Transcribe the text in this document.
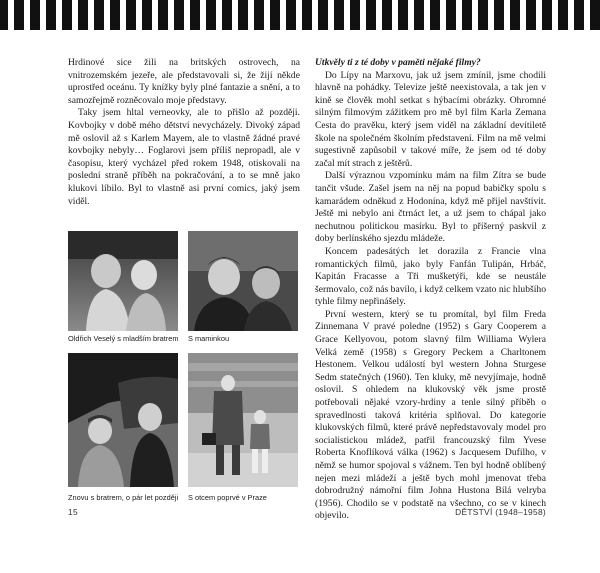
Hrdinové sice žili na britských ostrovech, na vnitrozemském jezeře, ale představovali si, že žijí někde uprostřed oceánu. Ty knížky byly plné fantazie a snění, a to samozřejmě rozněcovalo moje představy.

Taky jsem hltal verneovky, ale to přišlo až později. Kovbojky v době mého dětství nevycházely. Divoký západ mě oslovil až s Karlem Mayem, ale to vlastně žádné pravé kovbojky nebyly… Foglarovi jsem příliš nepropadl, ale v časopisu, který vycházel před rokem 1948, otiskovali na poslední straně příběh na pokračování, a to se mně jako klukovi líbilo. Byl to vlastně asi první comics, jaký jsem viděl.

Oldřich Veselý s mladším bratrem S maminkou
Znovu s bratrem, o pár let později S otcem poprvé v Praze

Utkvěly ti z té doby v paměti nějaké filmy?

Do Lípy na Marxovu, jak už jsem zmínil, jsme chodili hlavně na pohádky. Televize ještě neexistovala, a tak jen v kině se člověk mohl setkat s hýbacími obrázky. Ohromné silným filmovým zážitkem pro mě byl film Karla Zemana Cesta do pravěku, který jsem viděl na základní devítiletě škole na společném školním představení. Film na mě velmi sugestivně zapůsobil v takové míře, že jsem od té doby začal mít strach z ještěrů.

Další výraznou vzpomínku mám na film Zítra se bude tančit všude. Zašel jsem na něj na popud babičky spolu s kamarádem odněkud z Hodonína, když mě přijel navštívit. Ještě mi nebylo ani čtrnáct let, a už jsem to chápal jako nechutnou politickou masírku. Byl to příšerný paskvil z doby berlínského sjezdu mládeže.

Koncem padesátých let dorazila z Francie vlna romantických filmů, jako byly Fanfán Tulipán, Hrbáč, Kapitán Fracasse a Tři mušketýři, kde se neustále šermovalo, což nás bavilo, i když celkem vzato nic hlubšího tyhle filmy nepřinášely.

První western, který se tu promítal, byl film Freda Zinnemana V pravé poledne (1952) s Gary Cooperem a Grace Kellyovou, potom slavný film Williama Wylera Velká země (1958) s Gregory Peckem a Charltonem Hestonem. Velkou událostí byl western Johna Sturgese Sedm statečných (1960). Ten kluky, mě nevyjímaje, hodně oslovil. S ohledem na klukovský věk jsme prostě potřebovali nějaké vzory-hrdiny a tenle silný příběh o spravedlnosti taková kritéria splňoval. Do kategorie klukovských filmů, které právě nepředstavovaly model pro socialistickou mládež, patřil francouzský film Yvese Roberta Knoflíková válka (1962) s Jacquesem Dufilho, v němž se humor spojoval s vážnem. Ten byl hodně oblíbený nejen mezi mládeží a ještě bych mohl jmenovat třeba dobrodružný námořní film Johna Hustona Bílá velryba (1956). Chodilo se v podstatě na všechno, co se v kinech objevilo.

15	DĚTSTVÍ (1948–1958)
